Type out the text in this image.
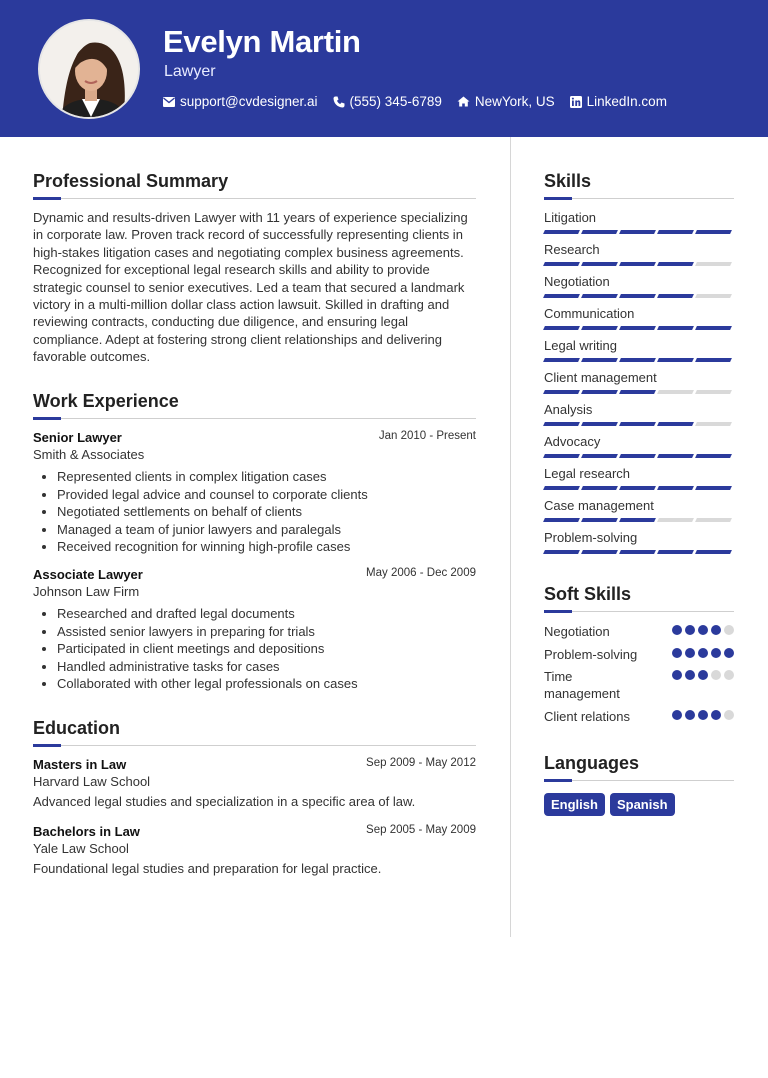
Evelyn Martin
Lawyer
support@cvdesigner.ai (555) 345-6789 NewYork, US LinkedIn.com
Professional Summary
Dynamic and results-driven Lawyer with 11 years of experience specializing in corporate law. Proven track record of successfully representing clients in high-stakes litigation cases and negotiating complex business agreements. Recognized for exceptional legal research skills and ability to provide strategic counsel to senior executives. Led a team that secured a landmark victory in a multi-million dollar class action lawsuit. Skilled in drafting and reviewing contracts, conducting due diligence, and ensuring legal compliance. Adept at fostering strong client relationships and delivering favorable outcomes.
Work Experience
Senior Lawyer	Jan 2010 - Present
Smith & Associates
• Represented clients in complex litigation cases
• Provided legal advice and counsel to corporate clients
• Negotiated settlements on behalf of clients
• Managed a team of junior lawyers and paralegals
• Received recognition for winning high-profile cases
Associate Lawyer	May 2006 - Dec 2009
Johnson Law Firm
• Researched and drafted legal documents
• Assisted senior lawyers in preparing for trials
• Participated in client meetings and depositions
• Handled administrative tasks for cases
• Collaborated with other legal professionals on cases
Education
Masters in Law	Sep 2009 - May 2012
Harvard Law School
Advanced legal studies and specialization in a specific area of law.
Bachelors in Law	Sep 2005 - May 2009
Yale Law School
Foundational legal studies and preparation for legal practice.
Skills
Litigation
Research
Negotiation
Communication
Legal writing
Client management
Analysis
Advocacy
Legal research
Case management
Problem-solving
Soft Skills
Negotiation
Problem-solving
Time management
Client relations
Languages
English	Spanish
